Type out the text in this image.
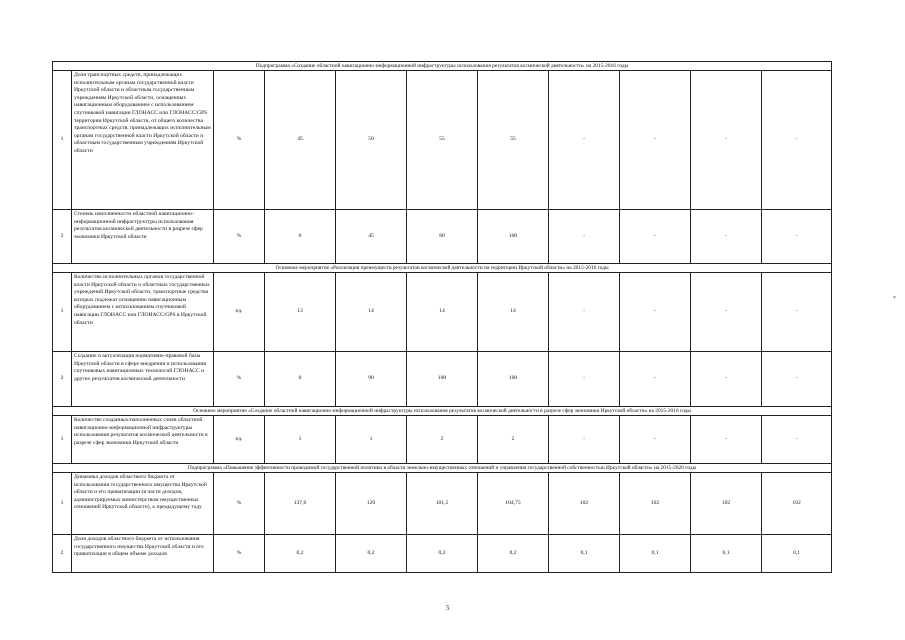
Подпрограмма «Создание областной навигационно-информационной инфраструктуры использования результатов космической деятельности» на 2015-2016 годы										
1	Доля транспортных средств, принадлежащих исполнительным органам государственной власти Иркутской области и областным государственным учреждениям Иркутской области, оснащенных навигационным оборудованием с использованием спутниковой навигации ГЛОНАСС или ГЛОНАСС/GPS территории Иркутской области, от общего количества транспортных средств, принадлежащих исполнительным органам государственной власти Иркутской области и областным государственным учреждениям Иркутской области	%	45	50	55	55	-	-	-	-
2	Степень наполненности областной навигационно-информационной инфраструктуры использования результатов космической деятельности в разрезе сфер экономики Иркутской области	%	0	45	80	100	-	-	-	-
Основное мероприятие «Реализация преимуществ результатов космической деятельности на территории Иркутской области» на 2015-2016 годы										
1	Количество исполнительных органов государственной власти Иркутской области и областных государственных учреждений Иркутской области, транспортные средства которых подлежат оснащению навигационным оборудованием с использованием спутниковой навигации ГЛОНАСС или ГЛОНАСС/GPS в Иркутской области	ед.	13	14	14	14	-	-	-	-
2	Создание и актуализация нормативно-правовой базы Иркутской области в сфере внедрения и использования спутниковых навигационных технологий ГЛОНАСС и других результатов космической деятельности	%	0	90	100	100	-	-	-	-
Основное мероприятие «Создание областной навигационно-информационной инфраструктуры использования результатов космической деятельности в разрезе сфер экономики Иркутской области» на 2015-2016 годы										
1	Количество созданных/наполненных слоев областной навигационно-информационной инфраструктуры использования результатов космической деятельности в разрезе сфер экономики Иркутской области	ед.	1	1	2	2	-	-	-	-
Подпрограмма «Повышение эффективности проводимой государственной политики в области земельно-имущественных отношений и управления государственной собственностью Иркутской области» на 2015-2020 годы										
1	Динамика доходов областного бюджета от использования государственного имущества Иркутской области и его приватизации (в части доходов, администрируемых министерством имущественных отношений Иркутской области), к предыдущему году	%	137,6	120	101,5	104,75	102	102	102	102
2	Доля доходов областного бюджета от использования государственного имущества Иркутской области и его приватизации в общем объеме доходов	%	0,2	0,2	0,2	0,2	0,1	0,1	0,1	0,1
*
5
